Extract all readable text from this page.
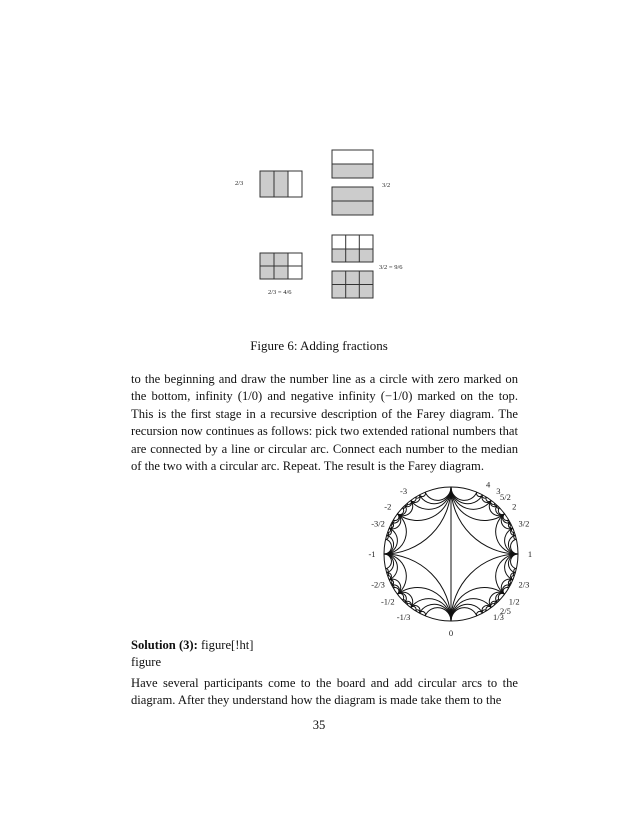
2/3	3/2
3/2 = 9/6
2/3 = 4/6

Figure 6: Adding fractions

to the beginning and draw the number line as a circle with zero marked on the bottom, infinity (1/0) and negative infinity (−1/0) marked on the top. This is the first stage in a recursive description of the Farey diagram. The recursion now continues as follows: pick two extended rational numbers that are connected by a line or circular arc. Connect each number to the median of the two with a circular arc. Repeat. The result is the Farey diagram.

4
3
5/2
2
3/2
1
2/3
1/2
2/5
1/3
0
-1/3
-1/2
-2/3
-1
-3/2
-2
-3

Solution (3): figure[!ht]

figure

Have several participants come to the board and add circular arcs to the diagram. After they understand how the diagram is made take them to the

35
